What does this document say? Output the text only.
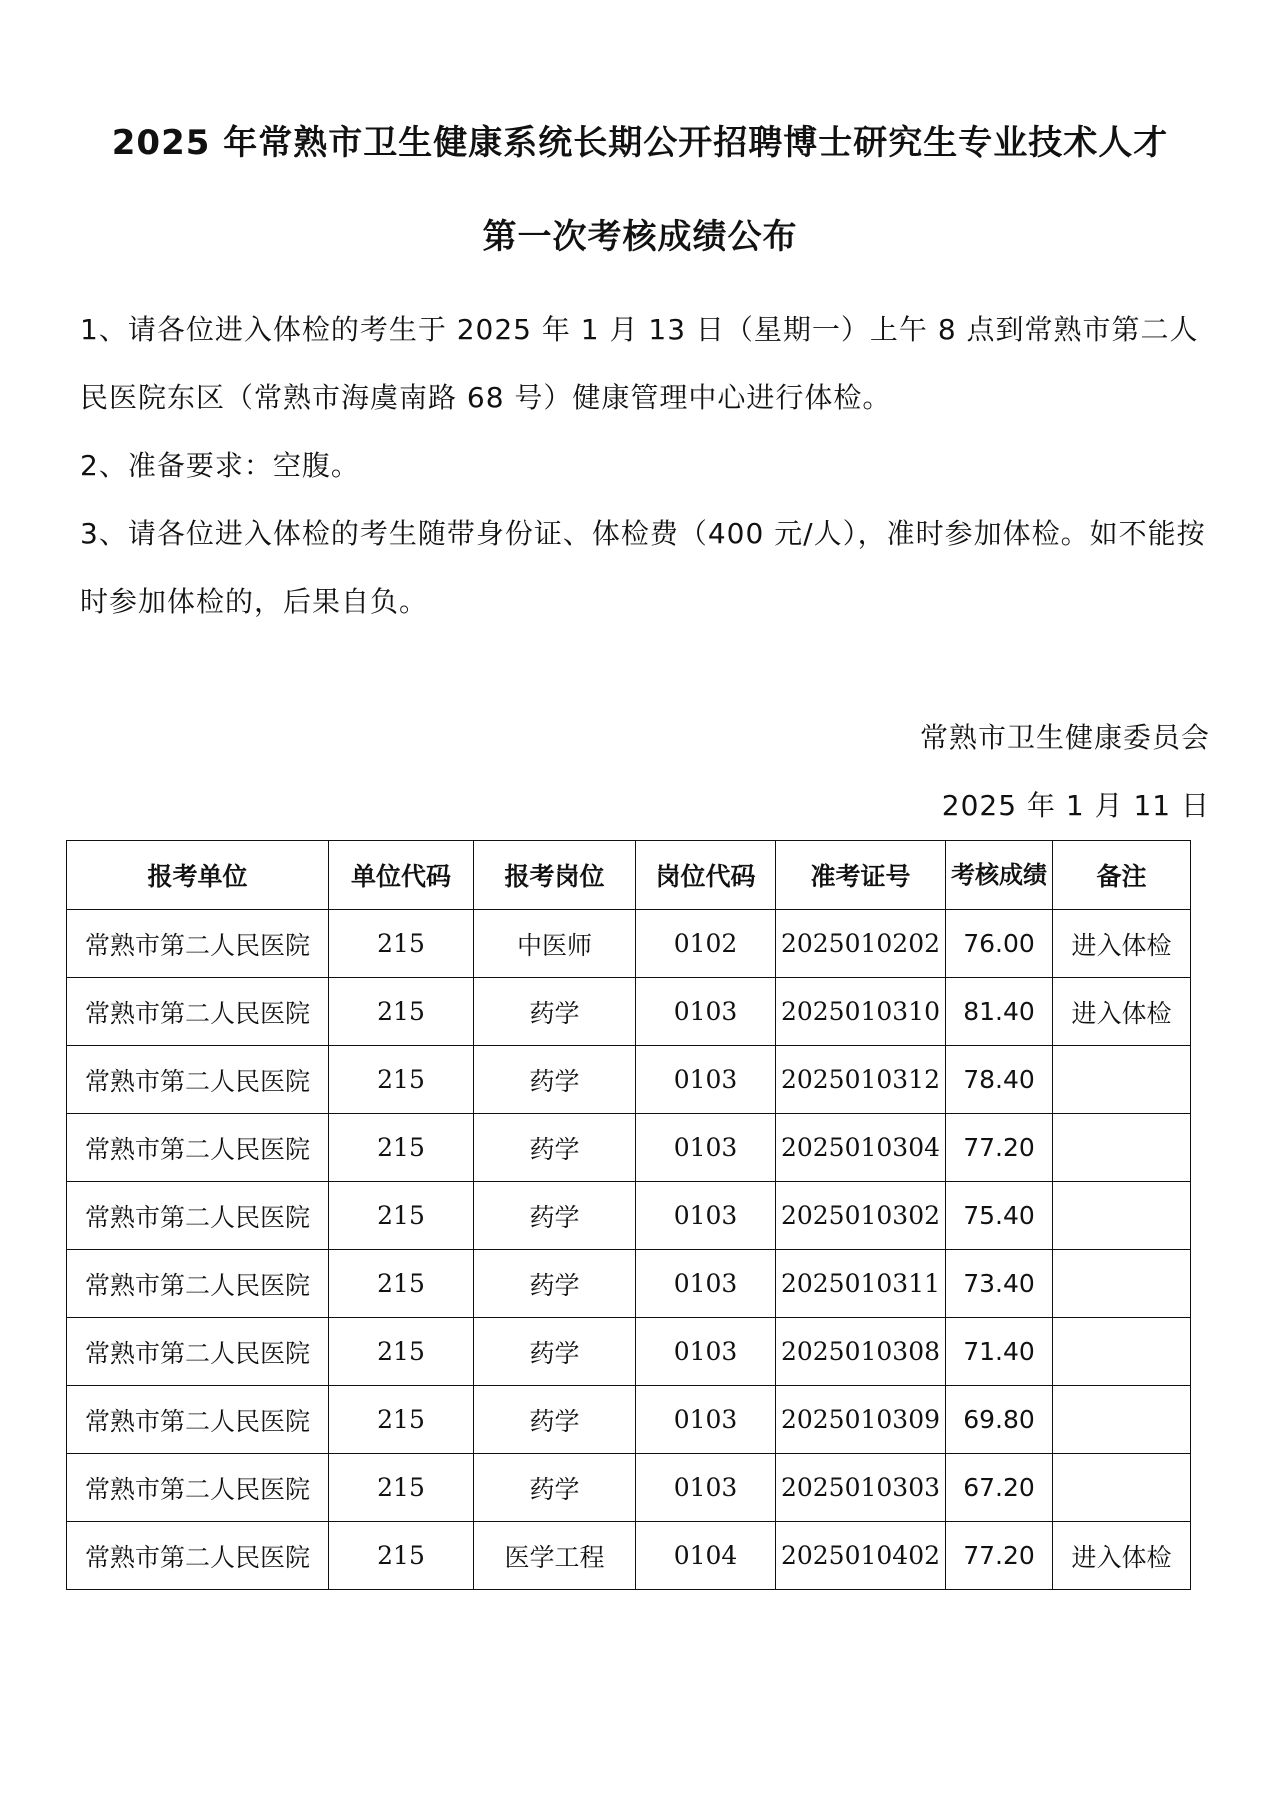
2025 年常熟市卫生健康系统长期公开招聘博士研究生专业技术人才
第一次考核成绩公布
1、请各位进入体检的考生于 2025 年 1 月 13 日（星期一）上午 8 点到常熟市第二人民医院东区（常熟市海虞南路 68 号）健康管理中心进行体检。
2、准备要求：空腹。
3、请各位进入体检的考生随带身份证、体检费（400 元/人），准时参加体检。如不能按时参加体检的，后果自负。
常熟市卫生健康委员会
2025 年 1 月 11 日
报考单位	单位代码	报考岗位	岗位代码	准考证号	考核成绩	备注
常熟市第二人民医院	215	中医师	0102	2025010202	76.00	进入体检
常熟市第二人民医院	215	药学	0103	2025010310	81.40	进入体检
常熟市第二人民医院	215	药学	0103	2025010312	78.40	
常熟市第二人民医院	215	药学	0103	2025010304	77.20	
常熟市第二人民医院	215	药学	0103	2025010302	75.40	
常熟市第二人民医院	215	药学	0103	2025010311	73.40	
常熟市第二人民医院	215	药学	0103	2025010308	71.40	
常熟市第二人民医院	215	药学	0103	2025010309	69.80	
常熟市第二人民医院	215	药学	0103	2025010303	67.20	
常熟市第二人民医院	215	医学工程	0104	2025010402	77.20	进入体检
